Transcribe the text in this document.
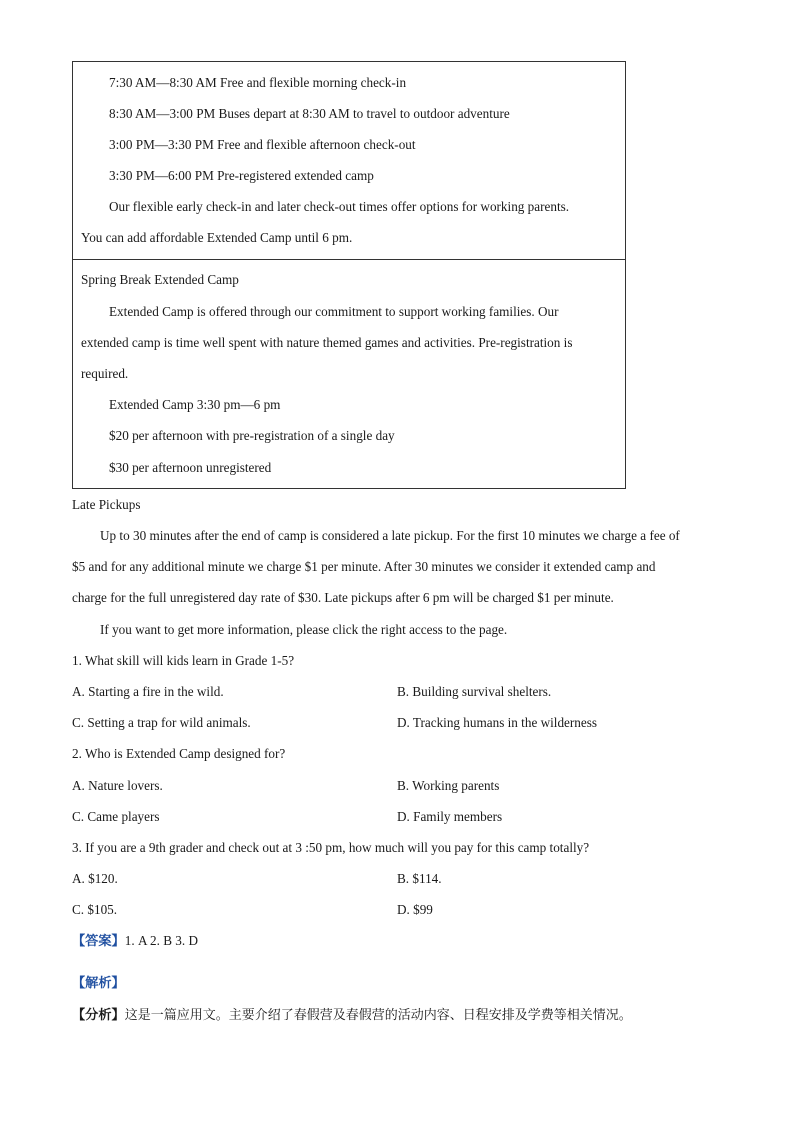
7:30 AM—8:30 AM Free and flexible morning check-in
8:30 AM—3:00 PM Buses depart at 8:30 AM to travel to outdoor adventure
3:00 PM—3:30 PM Free and flexible afternoon check-out
3:30 PM—6:00 PM Pre-registered extended camp
Our flexible early check-in and later check-out times offer options for working parents.
You can add affordable Extended Camp until 6 pm.
Spring Break Extended Camp
Extended Camp is offered through our commitment to support working families. Our
extended camp is time well spent with nature themed games and activities. Pre-registration is
required.
Extended Camp 3:30 pm—6 pm
$20 per afternoon with pre-registration of a single day
$30 per afternoon unregistered
Late Pickups
Up to 30 minutes after the end of camp is considered a late pickup. For the first 10 minutes we charge a fee of
$5 and for any additional minute we charge $1 per minute. After 30 minutes we consider it extended camp and
charge for the full unregistered day rate of $30. Late pickups after 6 pm will be charged $1 per minute.
If you want to get more information, please click the right access to the page.
1. What skill will kids learn in Grade 1-5?
A. Starting a fire in the wild.	B. Building survival shelters.
C. Setting a trap for wild animals.	D. Tracking humans in the wilderness
2. Who is Extended Camp designed for?
A. Nature lovers.	B. Working parents
C. Came players	D. Family members
3. If you are a 9th grader and check out at 3 :50 pm, how much will you pay for this camp totally?
A. $120.	B. $114.
C. $105.	D. $99
【答案】1. A 2. B 3. D
【解析】
【分析】这是一篇应用文。主要介绍了春假营及春假营的活动内容、日程安排及学费等相关情况。
